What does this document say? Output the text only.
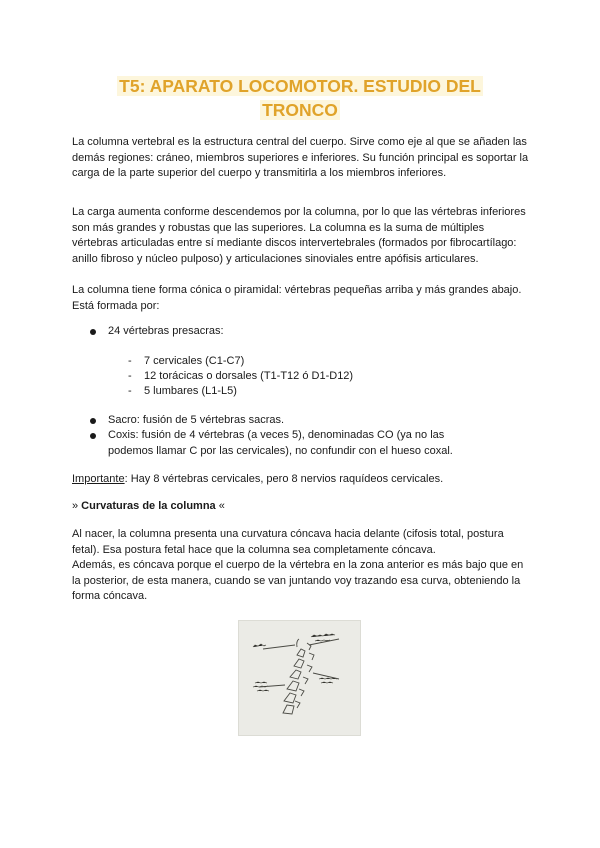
T5: APARATO LOCOMOTOR. ESTUDIO DEL
TRONCO
La columna vertebral es la estructura central del cuerpo. Sirve como eje al que se añaden las demás regiones: cráneo, miembros superiores e inferiores. Su función principal es soportar la carga de la parte superior del cuerpo y transmitirla a los miembros inferiores.
La carga aumenta conforme descendemos por la columna, por lo que las vértebras inferiores son más grandes y robustas que las superiores. La columna es la suma de múltiples vértebras articuladas entre sí mediante discos intervertebrales (formados por fibrocartílago: anillo fibroso y núcleo pulposo) y articulaciones sinoviales entre apófisis articulares.
La columna tiene forma cónica o piramidal: vértebras pequeñas arriba y más grandes abajo. Está formada por:
24 vértebras presacras:
- 7 cervicales (C1-C7)
- 12 torácicas o dorsales (T1-T12 ó D1-D12)
- 5 lumbares (L1-L5)
Sacro: fusión de 5 vértebras sacras.
Coxis: fusión de 4 vértebras (a veces 5), denominadas CO (ya no las podemos llamar C por las cervicales), no confundir con el hueso coxal.
Importante: Hay 8 vértebras cervicales, pero 8 nervios raquídeos cervicales.
» Curvaturas de la columna «
Al nacer, la columna presenta una curvatura cóncava hacia delante (cifosis total, postura fetal). Esa postura fetal hace que la columna sea completamente cóncava.
Además, es cóncava porque el cuerpo de la vértebra en la zona anterior es más bajo que en la posterior, de esta manera, cuando se van juntando voy trazando esa curva, obteniendo la forma cóncava.
